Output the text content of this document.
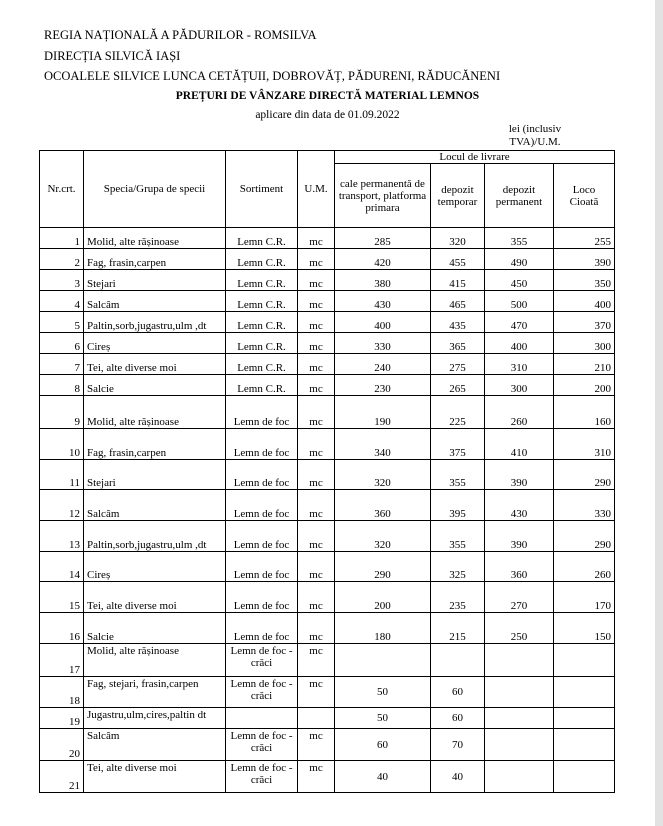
REGIA NAȚIONALĂ A PĂDURILOR - ROMSILVA
DIRECȚIA SILVICĂ IAȘI
OCOALELE SILVICE LUNCA CETĂȚUII, DOBROVĂȚ, PĂDURENI, RĂDUCĂNENI
PREȚURI DE VÂNZARE DIRECTĂ MATERIAL LEMNOS
aplicare din data de 01.09.2022
lei (inclusiv
TVA)/U.M.
Nr.crt.	Specia/Grupa de specii	Sortiment	U.M.	Locul de livrare			
				cale permanentă de transport, platforma primara	depozit temporar	depozit permanent	Loco Cioată
1	Molid, alte rășinoase	Lemn C.R.	mc	285	320	355	255
2	Fag, frasin,carpen	Lemn C.R.	mc	420	455	490	390
3	Stejari	Lemn C.R.	mc	380	415	450	350
4	Salcâm	Lemn C.R.	mc	430	465	500	400
5	Paltin,sorb,jugastru,ulm ,dt	Lemn C.R.	mc	400	435	470	370
6	Cireș	Lemn C.R.	mc	330	365	400	300
7	Tei, alte diverse moi	Lemn C.R.	mc	240	275	310	210
8	Salcie	Lemn C.R.	mc	230	265	300	200
9	Molid, alte rășinoase	Lemn de foc	mc	190	225	260	160
10	Fag, frasin,carpen	Lemn de foc	mc	340	375	410	310
11	Stejari	Lemn de foc	mc	320	355	390	290
12	Salcâm	Lemn de foc	mc	360	395	430	330
13	Paltin,sorb,jugastru,ulm ,dt	Lemn de foc	mc	320	355	390	290
14	Cireș	Lemn de foc	mc	290	325	360	260
15	Tei, alte diverse moi	Lemn de foc	mc	200	235	270	170
16	Salcie	Lemn de foc	mc	180	215	250	150
17	Molid, alte rășinoase	Lemn de foc - crăci	mc				
18	Fag, stejari, frasin,carpen	Lemn de foc - crăci	mc	50	60		
19	Jugastru,ulm,cires,paltin dt			50	60		
20	Salcâm	Lemn de foc - crăci	mc	60	70		
21	Tei, alte diverse moi	Lemn de foc - crăci	mc	40	40		
